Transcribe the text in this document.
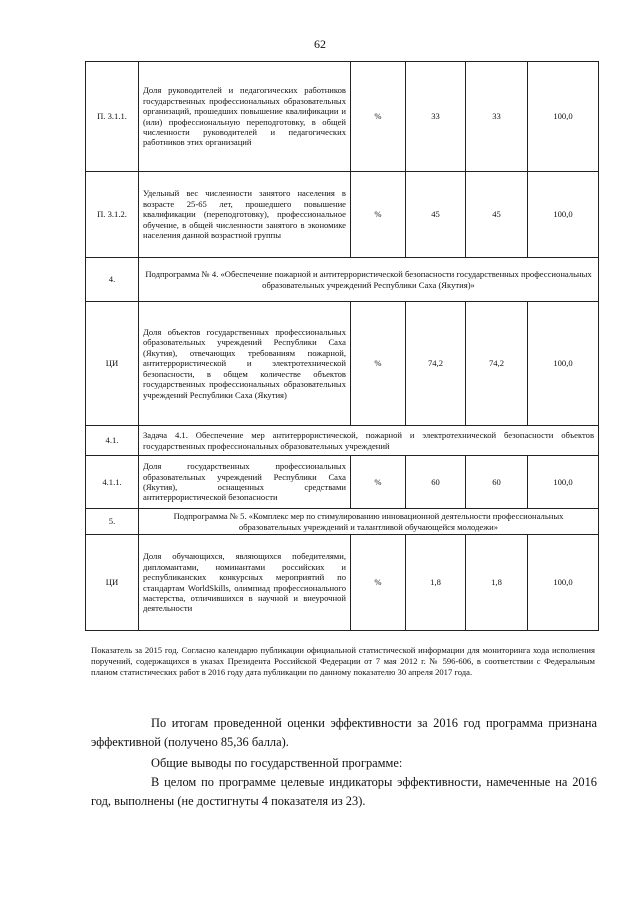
62
П. 3.1.1.	Доля руководителей и педагогических работников государственных профессиональных образовательных организаций, прошедших повышение квалификации и (или) профессиональную переподготовку, в общей численности руководителей и педагогических работников этих организаций	%	33	33	100,0
П. 3.1.2.	Удельный вес численности занятого населения в возрасте 25-65 лет, прошедшего повышение квалификации (переподготовку), профессиональное обучение, в общей численности занятого в экономике населения данной возрастной группы	%	45	45	100,0
4.	Подпрограмма № 4. «Обеспечение пожарной и антитеррористической безопасности государственных профессиональных образовательных учреждений Республики Саха (Якутия)»				
ЦИ	Доля объектов государственных профессиональных образовательных учреждений Республики Саха (Якутия), отвечающих требованиям пожарной, антитеррористической и электротехнической безопасности, в общем количестве объектов государственных профессиональных образовательных учреждений Республики Саха (Якутия)	%	74,2	74,2	100,0
4.1.	Задача 4.1. Обеспечение мер антитеррористической, пожарной и электротехнической безопасности объектов государственных профессиональных образовательных учреждений				
4.1.1.	Доля государственных профессиональных образовательных учреждений Республики Саха (Якутия), оснащенных средствами антитеррористической безопасности	%	60	60	100,0
5.	Подпрограмма № 5. «Комплекс мер по стимулированию инновационной деятельности профессиональных образовательных учреждений и талантливой обучающейся молодежи»				
ЦИ	Доля обучающихся, являющихся победителями, дипломантами, номинантами российских и республиканских конкурсных мероприятий по стандартам WorldSkills, олимпиад профессионального мастерства, отличившихся в научной и внеурочной деятельности	%	1,8	1,8	100,0
Показатель за 2015 год. Согласно календарю публикации официальной статистической информации для мониторинга хода исполнения поручений, содержащихся в указах Президента Российской Федерации от 7 мая 2012 г. № 596-606, в соответствии с Федеральным планом статистических работ в 2016 году дата публикации по данному показателю 30 апреля 2017 года.
По итогам проведенной оценки эффективности за 2016 год программа признана эффективной (получено 85,36 балла).
Общие выводы по государственной программе:
В целом по программе целевые индикаторы эффективности, намеченные на 2016 год, выполнены (не достигнуты 4 показателя из 23).
